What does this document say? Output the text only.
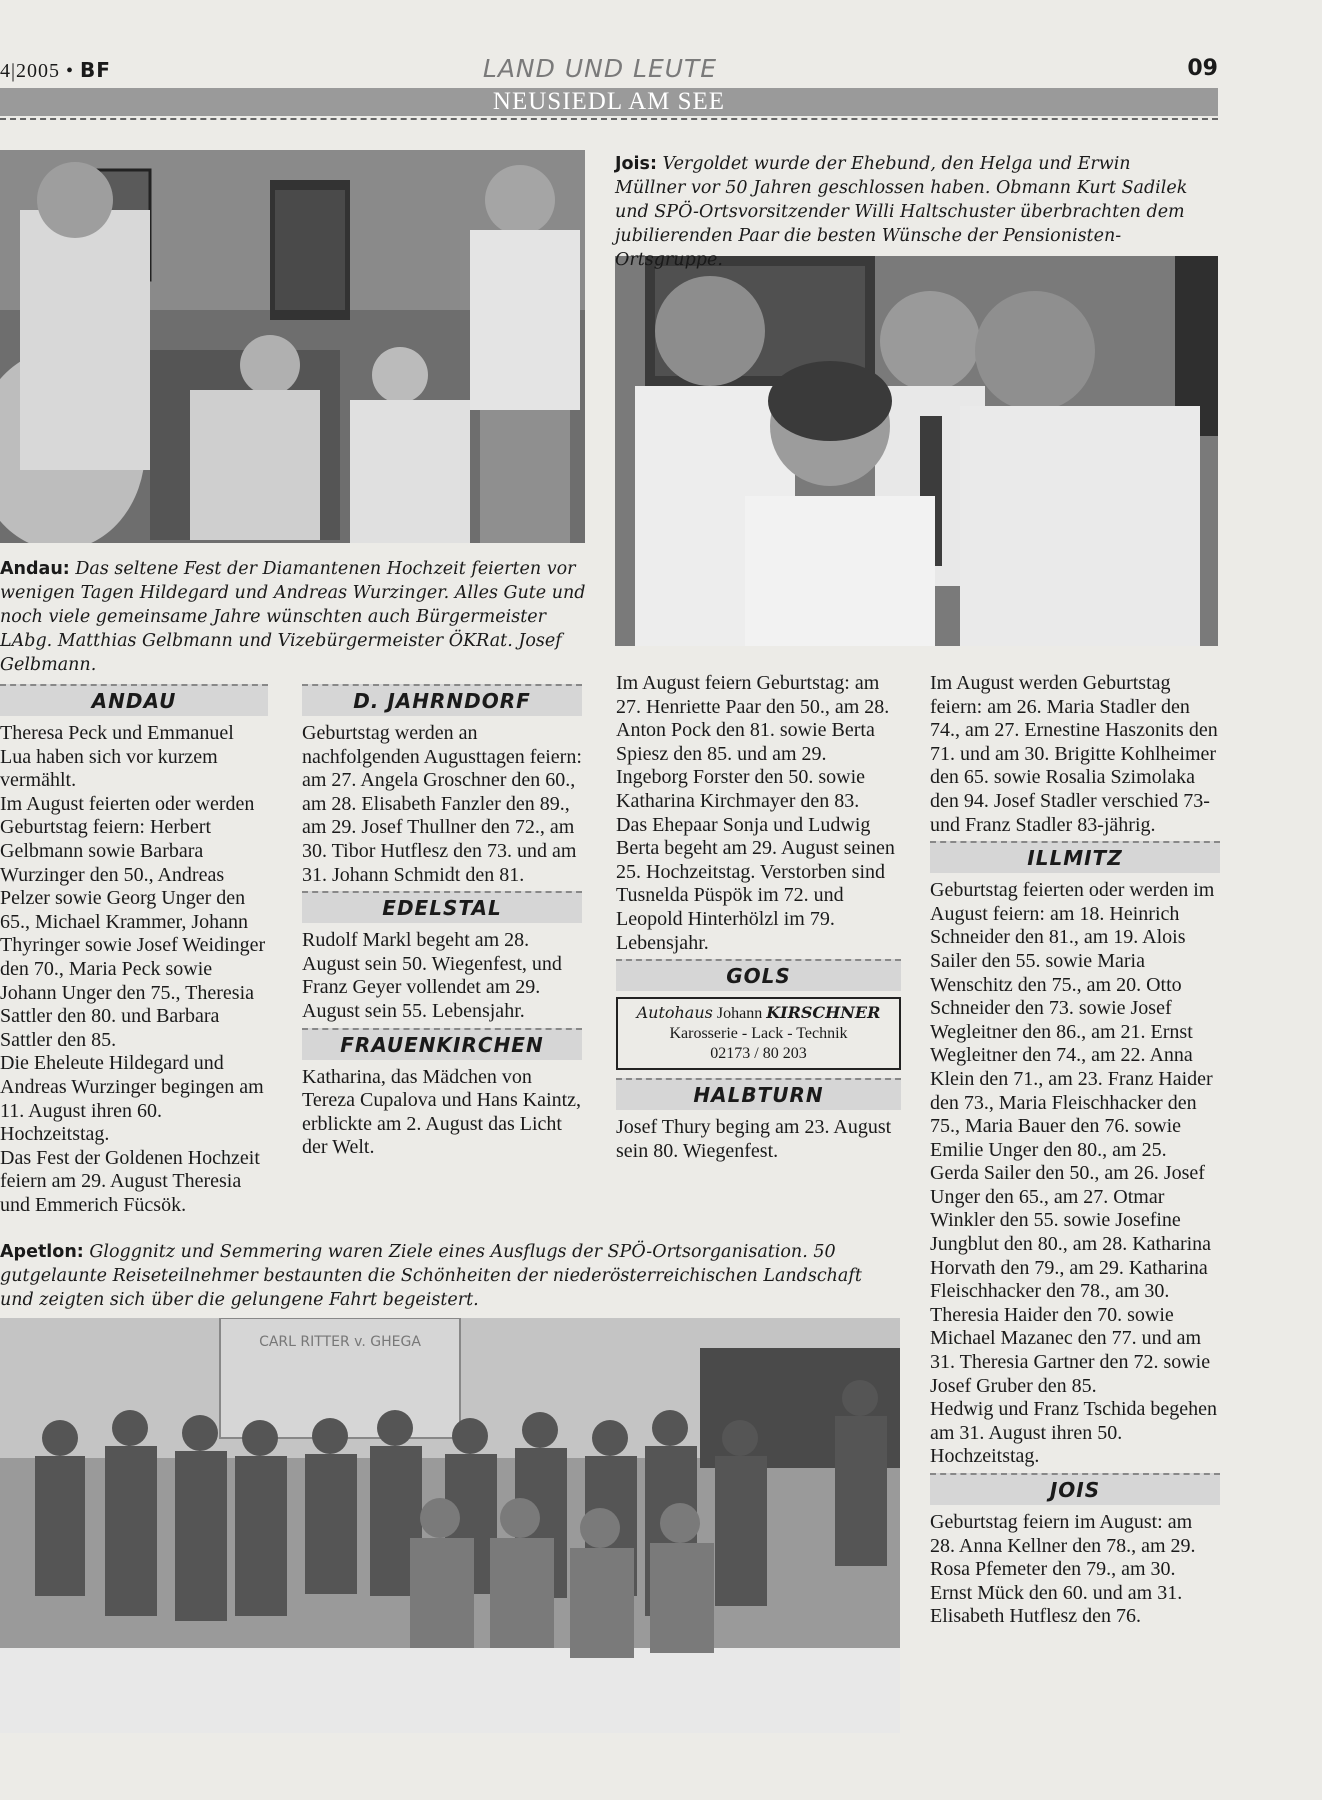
4|2005 • BF	LAND UND LEUTE	09
NEUSIEDL AM SEE
Jois: Vergoldet wurde der Ehebund, den Helga und Erwin Müllner vor 50 Jahren geschlossen haben. Obmann Kurt Sadilek und SPÖ-Ortsvorsitzender Willi Haltschuster überbrachten dem jubilierenden Paar die besten Wünsche der Pensionisten-Ortsgruppe.
Andau: Das seltene Fest der Diamantenen Hochzeit feierten vor wenigen Tagen Hildegard und Andreas Wurzinger. Alles Gute und noch viele gemeinsame Jahre wünschten auch Bürgermeister LAbg. Matthias Gelbmann und Vizebürgermeister ÖKRat. Josef Gelbmann.
ANDAU

Theresa Peck und Emmanuel Lua haben sich vor kurzem vermählt.

Im August feierten oder werden Geburtstag feiern: Herbert Gelbmann sowie Barbara Wurzinger den 50., Andreas Pelzer sowie Georg Unger den 65., Michael Krammer, Johann Thyringer sowie Josef Weidinger den 70., Maria Peck sowie Johann Unger den 75., Theresia Sattler den 80. und Barbara Sattler den 85.

Die Eheleute Hildegard und Andreas Wurzinger begingen am 11. August ihren 60. Hochzeitstag.

Das Fest der Goldenen Hochzeit feiern am 29. August Theresia und Emmerich Fücsök.

D. JAHRNDORF

Geburtstag werden an nachfolgenden Augusttagen feiern: am 27. Angela Groschner den 60., am 28. Elisabeth Fanzler den 89., am 29. Josef Thullner den 72., am 30. Tibor Hutflesz den 73. und am 31. Johann Schmidt den 81.

EDELSTAL

Rudolf Markl begeht am 28. August sein 50. Wiegenfest, und Franz Geyer vollendet am 29. August sein 55. Lebensjahr.

FRAUENKIRCHEN

Katharina, das Mädchen von Tereza Cupalova und Hans Kaintz, erblickte am 2. August das Licht der Welt.

Im August feiern Geburtstag: am 27. Henriette Paar den 50., am 28. Anton Pock den 81. sowie Berta Spiesz den 85. und am 29. Ingeborg Forster den 50. sowie Katharina Kirchmayer den 83.

Das Ehepaar Sonja und Ludwig Berta begeht am 29. August seinen 25. Hochzeitstag. Verstorben sind Tusnelda Püspök im 72. und Leopold Hinterhölzl im 79. Lebensjahr.

GOLS
Autohaus Johann KIRSCHNER
Karosserie - Lack - Technik
02173 / 80 203
HALBTURN

Josef Thury beging am 23. August sein 80. Wiegenfest.

Im August werden Geburtstag feiern: am 26. Maria Stadler den 74., am 27. Ernestine Haszonits den 71. und am 30. Brigitte Kohlheimer den 65. sowie Rosalia Szimolaka den 94. Josef Stadler verschied 73- und Franz Stadler 83-jährig.

ILLMITZ

Geburtstag feierten oder werden im August feiern: am 18. Heinrich Schneider den 81., am 19. Alois Sailer den 55. sowie Maria Wenschitz den 75., am 20. Otto Schneider den 73. sowie Josef Wegleitner den 86., am 21. Ernst Wegleitner den 74., am 22. Anna Klein den 71., am 23. Franz Haider den 73., Maria Fleischhacker den 75., Maria Bauer den 76. sowie Emilie Unger den 80., am 25. Gerda Sailer den 50., am 26. Josef Unger den 65., am 27. Otmar Winkler den 55. sowie Josefine Jungblut den 80., am 28. Katharina Horvath den 79., am 29. Katharina Fleischhacker den 78., am 30. Theresia Haider den 70. sowie Michael Mazanec den 77. und am 31. Theresia Gartner den 72. sowie Josef Gruber den 85.

Hedwig und Franz Tschida begehen am 31. August ihren 50. Hochzeitstag.

JOIS

Geburtstag feiern im August: am 28. Anna Kellner den 78., am 29. Rosa Pfemeter den 79., am 30. Ernst Mück den 60. und am 31. Elisabeth Hutflesz den 76.

Apetlon: Gloggnitz und Semmering waren Ziele eines Ausflugs der SPÖ-Ortsorganisation. 50 gutgelaunte Reiseteilnehmer bestaunten die Schönheiten der niederösterreichischen Landschaft und zeigten sich über die gelungene Fahrt begeistert.
CARL RITTER v. GHEGA
